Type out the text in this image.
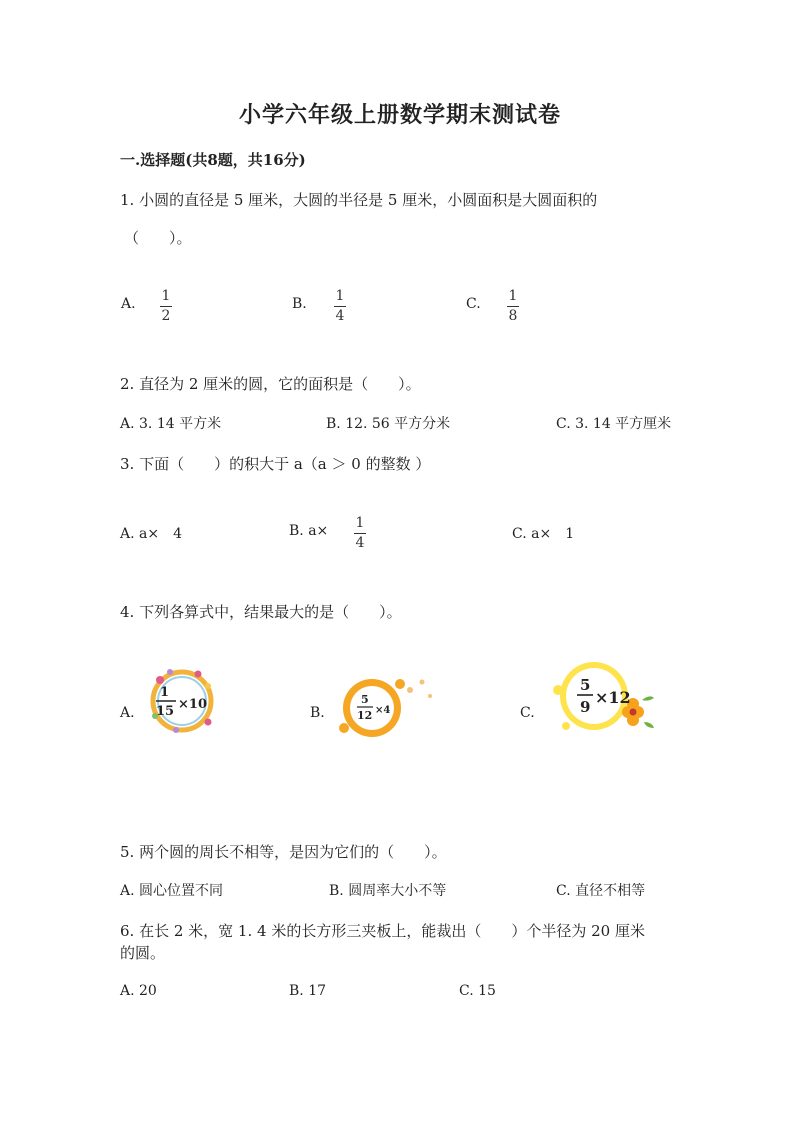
小学六年级上册数学期末测试卷
一.选择题(共8题，共16分)
1. 小圆的直径是 5 厘米，大圆的半径是 5 厘米，小圆面积是大圆面积的
（　　）。
A. 1
2
B. 1
4
C. 1
8
2. 直径为 2 厘米的圆，它的面积是（　　）。
A. 3. 14 平方米	B. 12. 56 平方分米	C. 3. 14 平方厘米
3. 下面（　　）的积大于 a（a ＞ 0 的整数 ）
A. a×　4	B. a× 1
4
C. a×　1
4. 下列各算式中，结果最大的是（　　）。
A.
1
15 ×10
B.
5
12 ×4	C.
5
9 ×12
5. 两个圆的周长不相等，是因为它们的（　　）。
A. 圆心位置不同	B. 圆周率大小不等	C. 直径不相等
6. 在长 2 米，宽 1. 4 米的长方形三夹板上，能裁出（　　）个半径为 20 厘米
的圆。
A. 20	B. 17	C. 15
